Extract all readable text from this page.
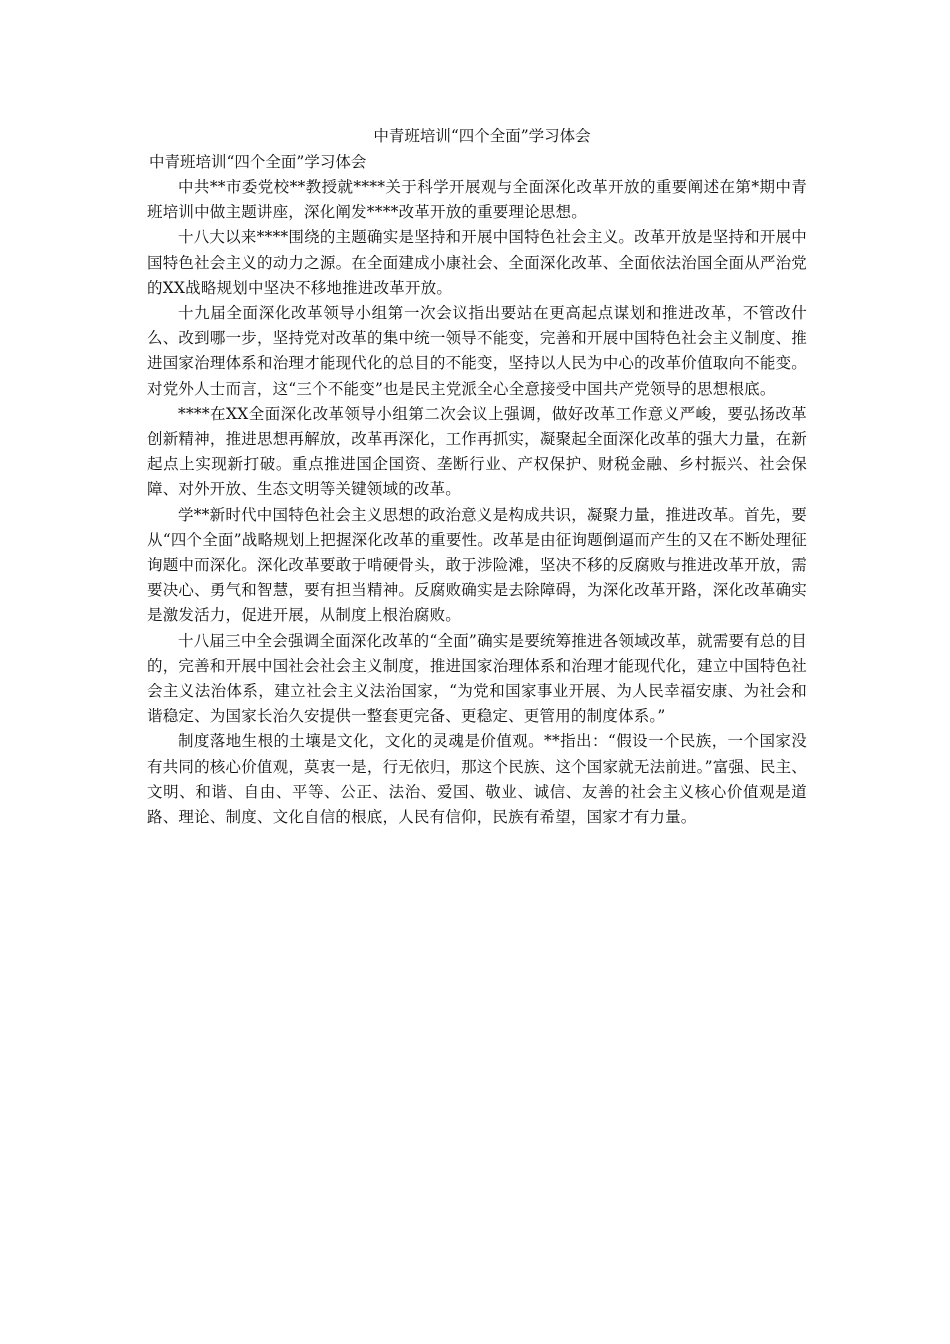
中青班培训“四个全面”学习体会
中青班培训“四个全面”学习体会

中共**市委党校**教授就****关于科学开展观与全面深化改革开放的重要阐述在第*期中青班培训中做主题讲座，深化阐发****改革开放的重要理论思想。

十八大以来****围绕的主题确实是坚持和开展中国特色社会主义。改革开放是坚持和开展中国特色社会主义的动力之源。在全面建成小康社会、全面深化改革、全面依法治国全面从严治党的XX战略规划中坚决不移地推进改革开放。

十九届全面深化改革领导小组第一次会议指出要站在更高起点谋划和推进改革，不管改什么、改到哪一步，坚持党对改革的集中统一领导不能变，完善和开展中国特色社会主义制度、推进国家治理体系和治理才能现代化的总目的不能变，坚持以人民为中心的改革价值取向不能变。对党外人士而言，这“三个不能变”也是民主党派全心全意接受中国共产党领导的思想根底。

****在XX全面深化改革领导小组第二次会议上强调，做好改革工作意义严峻，要弘扬改革创新精神，推进思想再解放，改革再深化，工作再抓实，凝聚起全面深化改革的强大力量，在新起点上实现新打破。重点推进国企国资、垄断行业、产权保护、财税金融、乡村振兴、社会保障、对外开放、生态文明等关键领域的改革。

学**新时代中国特色社会主义思想的政治意义是构成共识，凝聚力量，推进改革。首先，要从“四个全面”战略规划上把握深化改革的重要性。改革是由征询题倒逼而产生的又在不断处理征询题中而深化。深化改革要敢于啃硬骨头，敢于涉险滩，坚决不移的反腐败与推进改革开放，需要决心、勇气和智慧，要有担当精神。反腐败确实是去除障碍，为深化改革开路，深化改革确实是激发活力，促进开展，从制度上根治腐败。

十八届三中全会强调全面深化改革的“全面”确实是要统筹推进各领域改革，就需要有总的目的，完善和开展中国社会社会主义制度，推进国家治理体系和治理才能现代化，建立中国特色社会主义法治体系，建立社会主义法治国家，“为党和国家事业开展、为人民幸福安康、为社会和谐稳定、为国家长治久安提供一整套更完备、更稳定、更管用的制度体系。”

制度落地生根的土壤是文化，文化的灵魂是价值观。**指出：“假设一个民族，一个国家没有共同的核心价值观，莫衷一是，行无依归，那这个民族、这个国家就无法前进。”富强、民主、文明、和谐、自由、平等、公正、法治、爱国、敬业、诚信、友善的社会主义核心价值观是道路、理论、制度、文化自信的根底，人民有信仰，民族有希望，国家才有力量。
